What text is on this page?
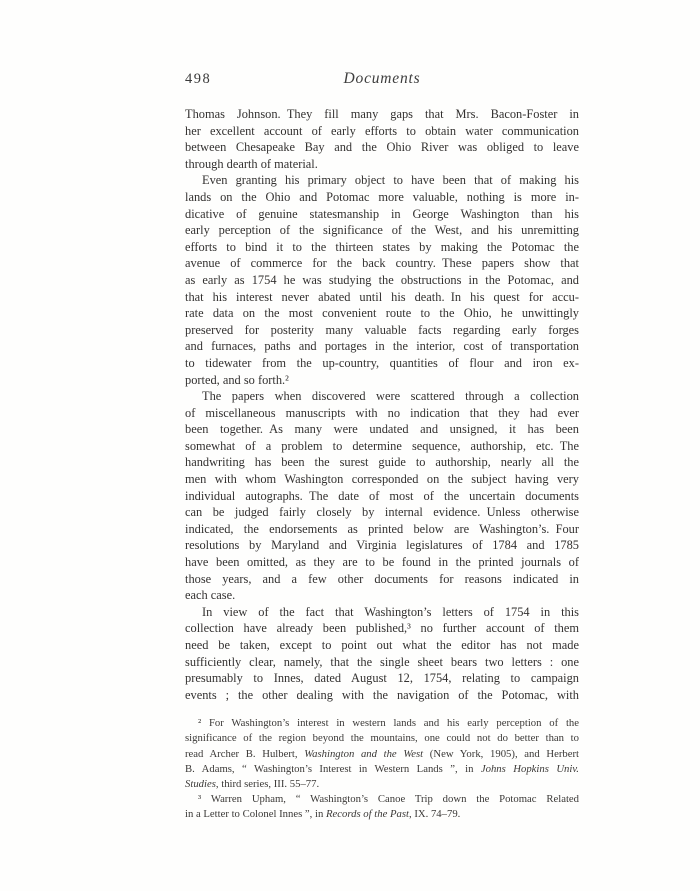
498	Documents
Thomas Johnson. They fill many gaps that Mrs. Bacon-Foster in
her excellent account of early efforts to obtain water communication
between Chesapeake Bay and the Ohio River was obliged to leave
through dearth of material.
Even granting his primary object to have been that of making his
lands on the Ohio and Potomac more valuable, nothing is more in-
dicative of genuine statesmanship in George Washington than his
early perception of the significance of the West, and his unremitting
efforts to bind it to the thirteen states by making the Potomac the
avenue of commerce for the back country. These papers show that
as early as 1754 he was studying the obstructions in the Potomac, and
that his interest never abated until his death. In his quest for accu-
rate data on the most convenient route to the Ohio, he unwittingly
preserved for posterity many valuable facts regarding early forges
and furnaces, paths and portages in the interior, cost of transportation
to tidewater from the up-country, quantities of flour and iron ex-
ported, and so forth.²
The papers when discovered were scattered through a collection
of miscellaneous manuscripts with no indication that they had ever
been together. As many were undated and unsigned, it has been
somewhat of a problem to determine sequence, authorship, etc. The
handwriting has been the surest guide to authorship, nearly all the
men with whom Washington corresponded on the subject having very
individual autographs. The date of most of the uncertain documents
can be judged fairly closely by internal evidence. Unless otherwise
indicated, the endorsements as printed below are Washington’s. Four
resolutions by Maryland and Virginia legislatures of 1784 and 1785
have been omitted, as they are to be found in the printed journals of
those years, and a few other documents for reasons indicated in
each case.
In view of the fact that Washington’s letters of 1754 in this
collection have already been published,³ no further account of them
need be taken, except to point out what the editor has not made
sufficiently clear, namely, that the single sheet bears two letters : one
presumably to Innes, dated August 12, 1754, relating to campaign
events ; the other dealing with the navigation of the Potomac, with
² For Washington’s interest in western lands and his early perception of the
significance of the region beyond the mountains, one could not do better than to
read Archer B. Hulbert, Washington and the West (New York, 1905), and Herbert
B. Adams, “ Washington’s Interest in Western Lands ”, in Johns Hopkins Univ.
Studies, third series, III. 55–77.
³ Warren Upham, “ Washington’s Canoe Trip down the Potomac Related
in a Letter to Colonel Innes ”, in Records of the Past, IX. 74–79.
